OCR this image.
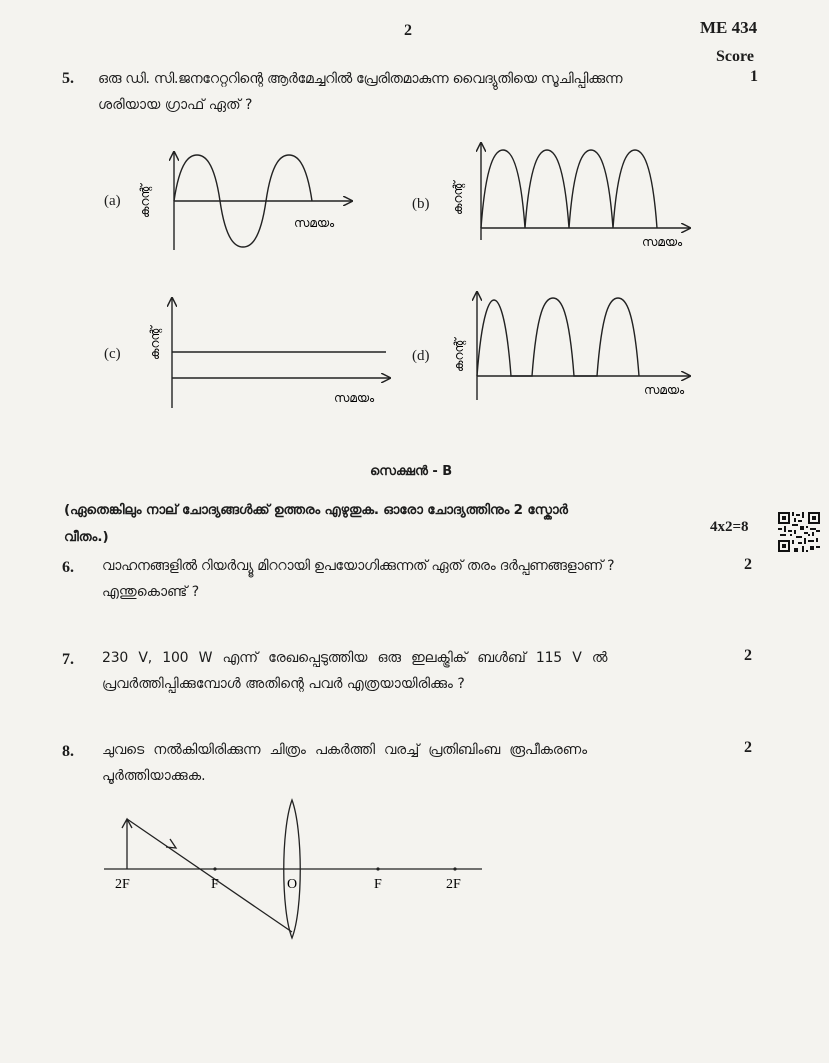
2	ME 434
Score
5. ഒരു ഡി. സി.ജനറേറ്ററിന്റെ ആർമേച്ചറിൽ പ്രേരിതമാകുന്ന വൈദ്യുതിയെ സൂചിപ്പിക്കുന്ന
ശരിയായ ഗ്രാഫ് ഏത് ?
1
(a)	(b)
(c)	(d)
കറന്റ്
സമയം
കറന്റ്
സമയം
കറന്റ്
സമയം
കറന്റ്
സമയം
സെക്ഷൻ - B
(ഏതെങ്കിലും നാല് ചോദ്യങ്ങൾക്ക് ഉത്തരം എഴുതുക. ഓരോ ചോദ്യത്തിനും 2 സ്കോർ
വീതം.)
4x2=8
6. വാഹനങ്ങളിൽ റിയർവ്യൂ മിററായി ഉപയോഗിക്കുന്നത് ഏത് തരം ദർപ്പണങ്ങളാണ് ?
എന്തുകൊണ്ട് ?
2
7. 230 V, 100 W എന്ന് രേഖപ്പെടുത്തിയ ഒരു ഇലക്ട്രിക് ബൾബ് 115 V ൽ
പ്രവർത്തിപ്പിക്കുമ്പോൾ അതിന്റെ പവർ എത്രയായിരിക്കും ?
2
8. ചുവടെ നൽകിയിരിക്കുന്ന ചിത്രം പകർത്തി വരച്ച് പ്രതിബിംബ രൂപീകരണം
പൂർത്തിയാക്കുക.
2
2F	F	O	F	2F
